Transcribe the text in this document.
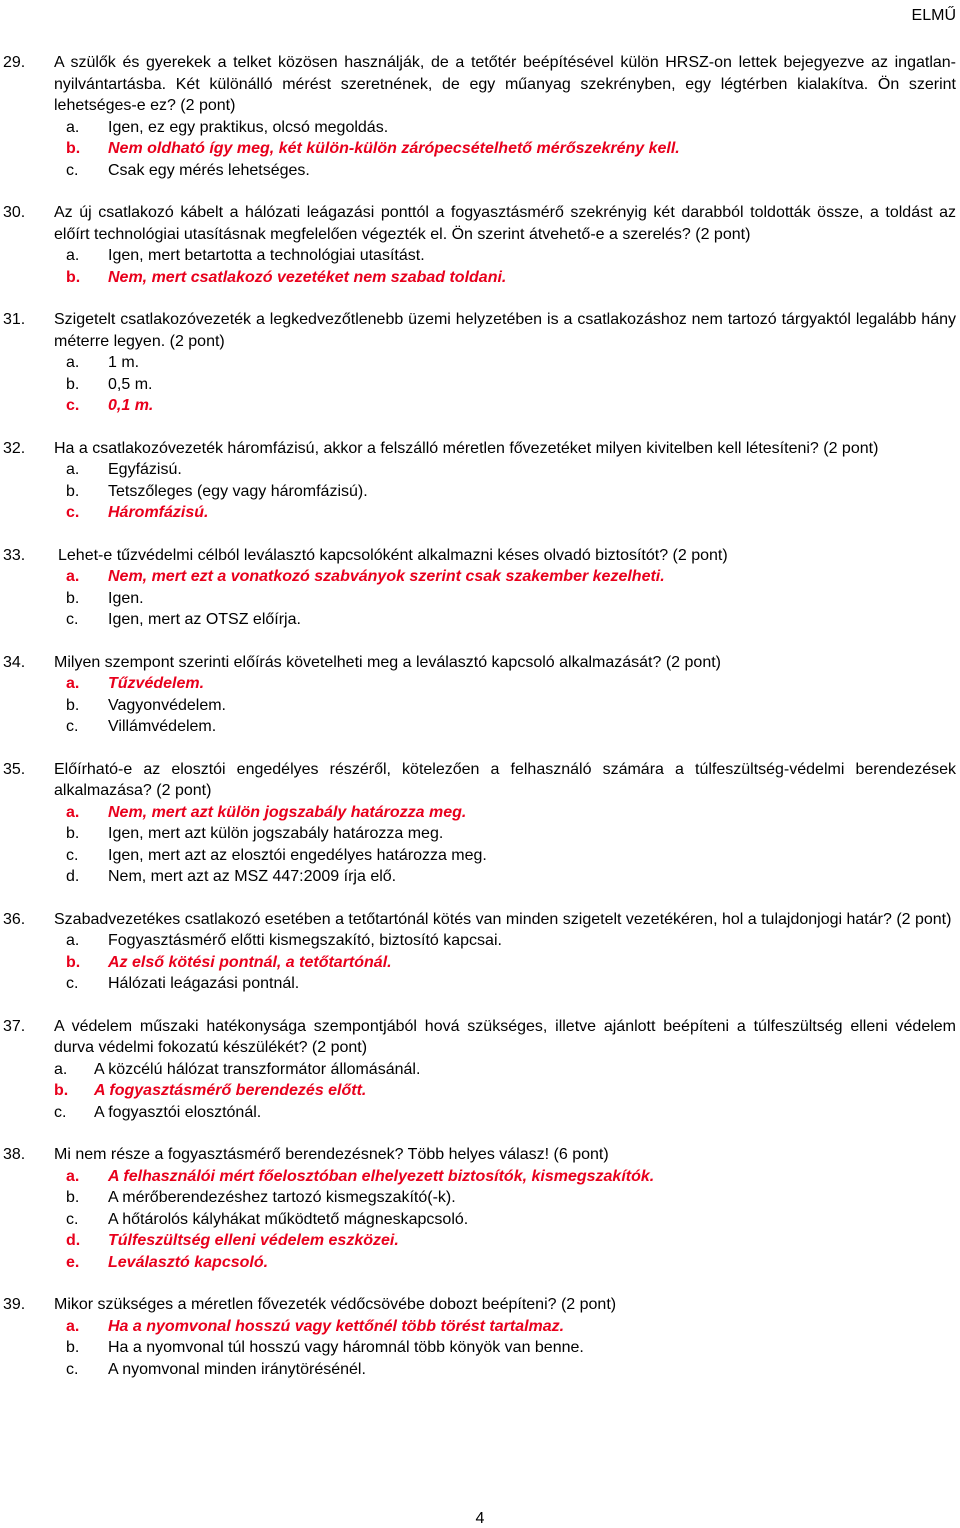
ELMŰ
29. A szülők és gyerekek a telket közösen használják, de a tetőtér beépítésével külön HRSZ-on lettek bejegyezve az ingatlan-nyilvántartásba. Két különálló mérést szeretnének, de egy műanyag szekrényben, egy légtérben kialakítva. Ön szerint lehetséges-e ez? (2 pont)
a. Igen, ez egy praktikus, olcsó megoldás.
b. Nem oldható így meg, két külön-külön zárópecsételhető mérőszekrény kell.
c. Csak egy mérés lehetséges.
30. Az új csatlakozó kábelt a hálózati leágazási ponttól a fogyasztásmérő szekrényig két darabból toldották össze, a toldást az előírt technológiai utasításnak megfelelően végezték el. Ön szerint átvehető-e a szerelés? (2 pont)
a. Igen, mert betartotta a technológiai utasítást.
b. Nem, mert csatlakozó vezetéket nem szabad toldani.
31. Szigetelt csatlakozóvezeték a legkedvezőtlenebb üzemi helyzetében is a csatlakozáshoz nem tartozó tárgyaktól legalább hány méterre legyen. (2 pont)
a. 1 m.
b. 0,5 m.
c. 0,1 m.
32. Ha a csatlakozóvezeték háromfázisú, akkor a felszálló méretlen fővezetéket milyen kivitelben kell létesíteni? (2 pont)
a. Egyfázisú.
b. Tetszőleges (egy vagy háromfázisú).
c. Háromfázisú.
33. Lehet-e tűzvédelmi célból leválasztó kapcsolóként alkalmazni késes olvadó biztosítót? (2 pont)
a. Nem, mert ezt a vonatkozó szabványok szerint csak szakember kezelheti.
b. Igen.
c. Igen, mert az OTSZ előírja.
34. Milyen szempont szerinti előírás követelheti meg a leválasztó kapcsoló alkalmazását? (2 pont)
a. Tűzvédelem.
b. Vagyonvédelem.
c. Villámvédelem.
35. Előírható-e az elosztói engedélyes részéről, kötelezően a felhasználó számára a túlfeszültség-védelmi berendezések alkalmazása? (2 pont)
a. Nem, mert azt külön jogszabály határozza meg.
b. Igen, mert azt külön jogszabály határozza meg.
c. Igen, mert azt az elosztói engedélyes határozza meg.
d. Nem, mert azt az MSZ 447:2009 írja elő.
36. Szabadvezetékes csatlakozó esetében a tetőtartónál kötés van minden szigetelt vezetékéren, hol a tulajdonjogi határ? (2 pont)
a. Fogyasztásmérő előtti kismegszakító, biztosító kapcsai.
b. Az első kötési pontnál, a tetőtartónál.
c. Hálózati leágazási pontnál.
37. A védelem műszaki hatékonysága szempontjából hová szükséges, illetve ajánlott beépíteni a túlfeszültség elleni védelem durva védelmi fokozatú készülékét? (2 pont)
a. A közcélú hálózat transzformátor állomásánál.
b. A fogyasztásmérő berendezés előtt.
c. A fogyasztói elosztónál.
38. Mi nem része a fogyasztásmérő berendezésnek? Több helyes válasz! (6 pont)
a. A felhasználói mért főelosztóban elhelyezett biztosítók, kismegszakítók.
b. A mérőberendezéshez tartozó kismegszakító(-k).
c. A hőtárolós kályhákat működtető mágneskapcsoló.
d. Túlfeszültség elleni védelem eszközei.
e. Leválasztó kapcsoló.
39. Mikor szükséges a méretlen fővezeték védőcsövébe dobozt beépíteni? (2 pont)
a. Ha a nyomvonal hosszú vagy kettőnél több törést tartalmaz.
b. Ha a nyomvonal túl hosszú vagy háromnál több könyök van benne.
c. A nyomvonal minden iránytörésénél.
4
